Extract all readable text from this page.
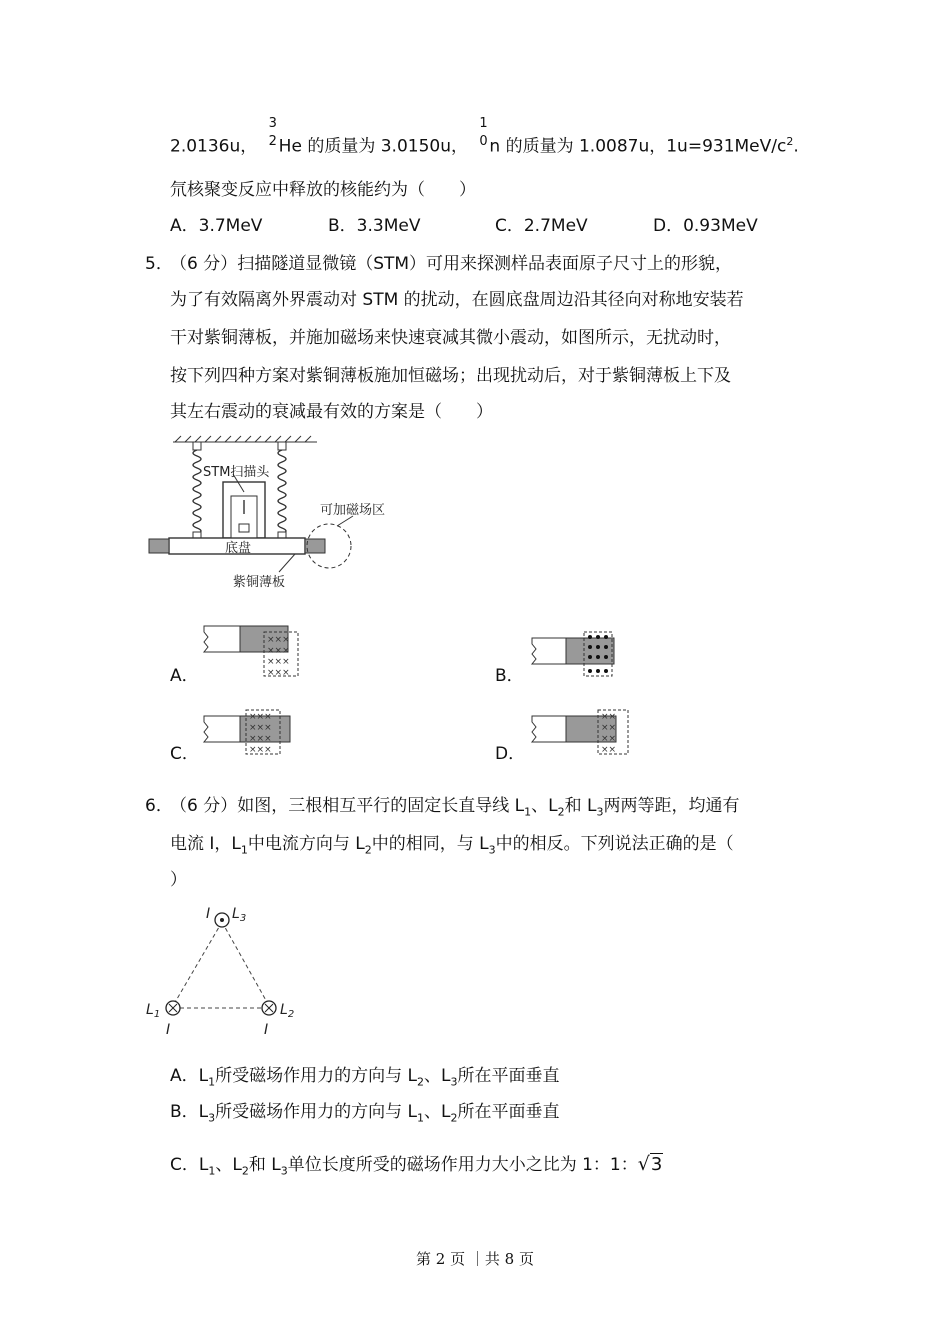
2.0136u，
3
2 He 的质量为 3.0150u，
1
0 n 的质量为 1.0087u，$1u=931MeV/c^2$.
氘核聚变反应中释放的核能约为（　　）
A．3.7MeV	B．3.3MeV	C．2.7MeV	D．0.93MeV
5．
（6 分）扫描隧道显微镜（STM）可用来探测样品表面原子尺寸上的形貌，
为了有效隔离外界震动对 STM 的扰动，在圆底盘周边沿其径向对称地安装若
干对紫铜薄板，并施加磁场来快速衰减其微小震动，如图所示，无扰动时，
按下列四种方案对紫铜薄板施加恒磁场；出现扰动后，对于紫铜薄板上下及
其左右震动的衰减最有效的方案是（　　）
STM扫描头
底盘
可加磁场区
紫铜薄板
A．
×××
×××
×××
×××	B．
C．
×××
×××
×××
×××	D．
××
××
××
××
6．
（6 分）如图，三根相互平行的固定长直导线 $L_1$、$L_2$和 $L_3$两两等距，均通有
电流 I，$L_1$中电流方向与 $L_2$中的相同，与 $L_3$中的相反。下列说法正确的是（
）
I $L_3$
$L_1$
I
$L_2$
I
A．$L_1$所受磁场作用力的方向与 $L_2$、$L_3$所在平面垂直
B．$L_3$所受磁场作用力的方向与 $L_1$、$L_2$所在平面垂直
C．$L_1$、$L_2$和 $L_3$单位长度所受的磁场作用力大小之比为 1：1：√3
第 2 页 ｜共 8 页
